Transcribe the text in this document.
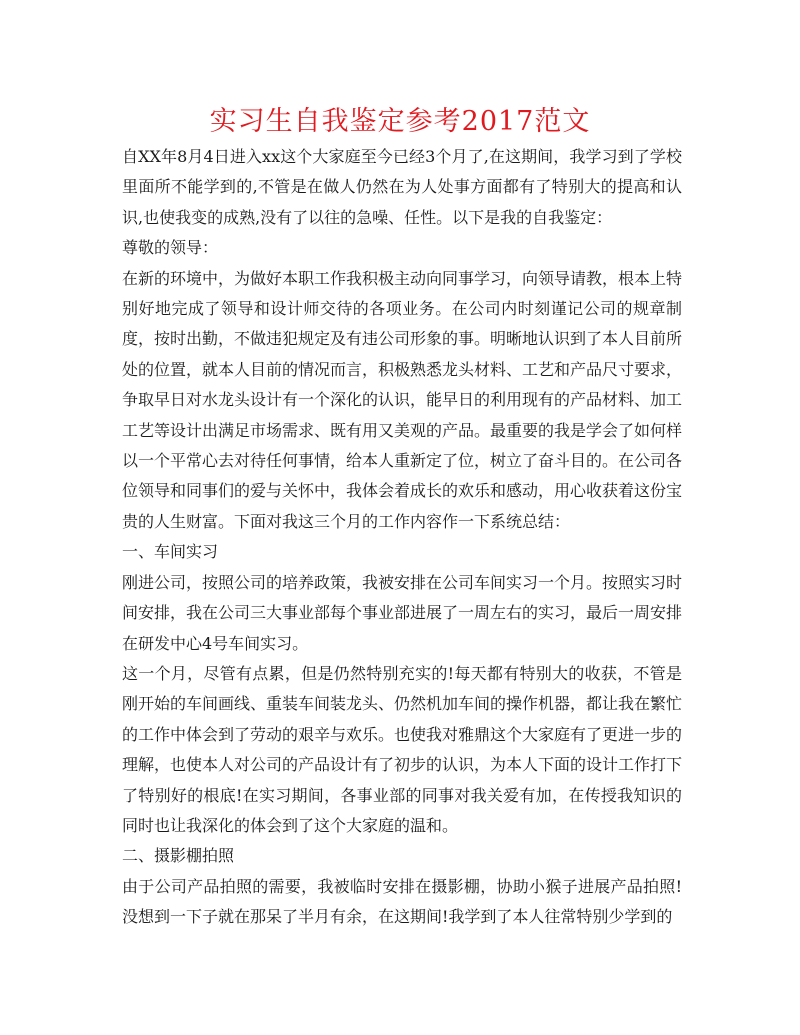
实习生自我鉴定参考2017范文

自XX年8月4日进入xx这个大家庭至今已经3个月了,在这期间，我学习到了学校里面所不能学到的,不管是在做人仍然在为人处事方面都有了特别大的提高和认识,也使我变的成熟,没有了以往的急噪、任性。以下是我的自我鉴定：

尊敬的领导：

在新的环境中，为做好本职工作我积极主动向同事学习，向领导请教，根本上特别好地完成了领导和设计师交待的各项业务。在公司内时刻谨记公司的规章制度，按时出勤，不做违犯规定及有违公司形象的事。明晰地认识到了本人目前所处的位置，就本人目前的情况而言，积极熟悉龙头材料、工艺和产品尺寸要求，争取早日对水龙头设计有一个深化的认识，能早日的利用现有的产品材料、加工工艺等设计出满足市场需求、既有用又美观的产品。最重要的我是学会了如何样以一个平常心去对待任何事情，给本人重新定了位，树立了奋斗目的。在公司各位领导和同事们的爱与关怀中，我体会着成长的欢乐和感动，用心收获着这份宝贵的人生财富。下面对我这三个月的工作内容作一下系统总结：

一、车间实习

刚进公司，按照公司的培养政策，我被安排在公司车间实习一个月。按照实习时间安排，我在公司三大事业部每个事业部进展了一周左右的实习，最后一周安排在研发中心4号车间实习。

这一个月，尽管有点累，但是仍然特别充实的!每天都有特别大的收获，不管是刚开始的车间画线、重装车间装龙头、仍然机加车间的操作机器，都让我在繁忙的工作中体会到了劳动的艰辛与欢乐。也使我对雅鼎这个大家庭有了更进一步的理解，也使本人对公司的产品设计有了初步的认识，为本人下面的设计工作打下了特别好的根底!在实习期间，各事业部的同事对我关爱有加，在传授我知识的同时也让我深化的体会到了这个大家庭的温和。

二、摄影棚拍照

由于公司产品拍照的需要，我被临时安排在摄影棚，协助小猴子进展产品拍照!没想到一下子就在那呆了半月有余，在这期间!我学到了本人往常特别少学到的
